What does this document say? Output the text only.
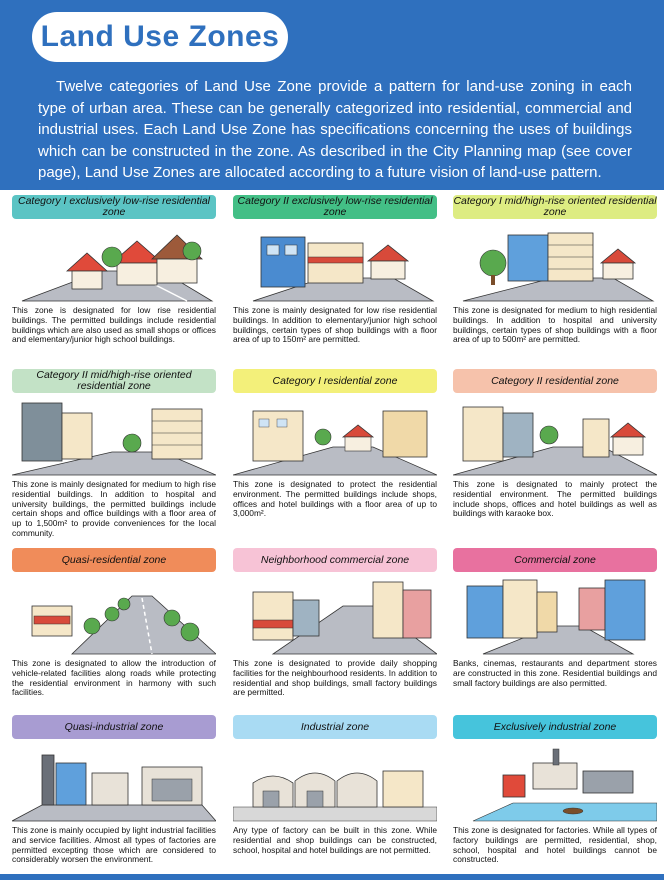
Land Use Zones

Twelve categories of Land Use Zone provide a pattern for land-use zoning in each type of urban area. These can be generally categorized into residential, commercial and industrial uses. Each Land Use Zone has specifications concerning the uses of buildings which can be constructed in the zone. As described in the City Planning map (see cover page), Land Use Zones are allocated according to a future vision of land-use pattern.

Category I exclusively low-rise residential zone

This zone is designated for low rise residential buildings. The permitted buildings include residential buildings which are also used as small shops or offices and elementary/junior high school buildings.

Category II exclusively low-rise residential zone

This zone is mainly designated for low rise residential buildings. In addition to elementary/junior high school buildings, certain types of shop buildings with a floor area of up to 150m² are permitted.

Category I mid/high-rise oriented residential zone

This zone is designated for medium to high residential buildings. In addition to hospital and university buildings, certain types of shop buildings with a floor area of up to 500m² are permitted.

Category II mid/high-rise oriented residential zone

This zone is mainly designated for medium to high rise residential buildings. In addition to hospital and university buildings, the permitted buildings include certain shops and office buildings with a floor area of up to 1,500m² to provide conveniences for the local community.

Category I residential zone

This zone is designated to protect the residential environment. The permitted buildings include shops, offices and hotel buildings with a floor area of up to 3,000m².

Category II residential zone

This zone is designated to mainly protect the residential environment. The permitted buildings include shops, offices and hotel buildings as well as buildings with karaoke box.

Quasi-residential zone

This zone is designated to allow the introduction of vehicle-related facilities along roads while protecting the residential environment in harmony with such facilities.

Neighborhood commercial zone

This zone is designated to provide daily shopping facilities for the neighbourhood residents. In addition to residential and shop buildings, small factory buildings are permitted.

Commercial zone

Banks, cinemas, restaurants and department stores are constructed in this zone. Residential buildings and small factory buildings are also permitted.

Quasi-industrial zone

This zone is mainly occupied by light industrial facilities and service facilities. Almost all types of factories are permitted excepting those which are considered to considerably worsen the environment.

Industrial zone

Any type of factory can be built in this zone. While residential and shop buildings can be constructed, school, hospital and hotel buildings are not permitted.

Exclusively industrial zone

This zone is designated for factories. While all types of factory buildings are permitted, residential, shop, school, hospital and hotel buildings cannot be constructed.
